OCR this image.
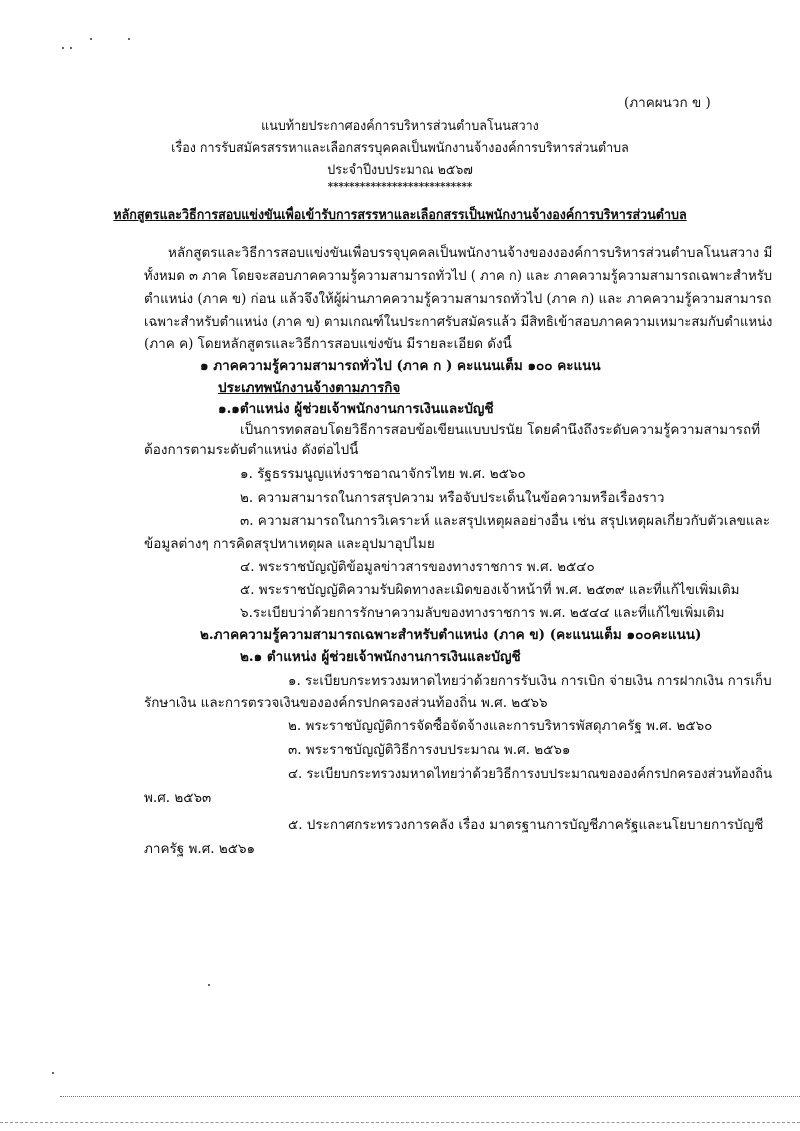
(ภาคผนวก ข )
แนบท้ายประกาศองค์การบริหารส่วนตำบลโนนสวาง
เรื่อง การรับสมัครสรรหาและเลือกสรรบุคคลเป็นพนักงานจ้างองค์การบริหารส่วนตำบล
ประจำปีงบประมาณ ๒๕๖๗
***************************
หลักสูตรและวิธีการสอบแข่งขันเพื่อเข้ารับการสรรหาและเลือกสรรเป็นพนักงานจ้างองค์การบริหารส่วนตำบล
หลักสูตรและวิธีการสอบแข่งขันเพื่อบรรจุบุคคลเป็นพนักงานจ้างของงองค์การบริหารส่วนตำบลโนนสวาง มี
ทั้งหมด ๓ ภาค โดยจะสอบภาคความรู้ความสามารถทั่วไป ( ภาค ก) และ ภาคความรู้ความสามารถเฉพาะสำหรับ
ตำแหน่ง (ภาค ข) ก่อน แล้วจึงให้ผู้ผ่านภาคความรู้ความสามารถทั่วไป (ภาค ก) และ ภาคความรู้ความสามารถ
เฉพาะสำหรับตำแหน่ง (ภาค ข) ตามเกณฑ์ในประกาศรับสมัครแล้ว มีสิทธิเข้าสอบภาคความเหมาะสมกับตำแหน่ง
(ภาค ค) โดยหลักสูตรและวิธีการสอบแข่งขัน มีรายละเอียด ดังนี้
๑ ภาคความรู้ความสามารถทั่วไป (ภาค ก ) คะแนนเต็ม ๑๐๐ คะแนน
ประเภทพนักงานจ้างตามภารกิจ
๑.๑ตำแหน่ง ผู้ช่วยเจ้าพนักงานการเงินและบัญชี
เป็นการทดสอบโดยวิธีการสอบข้อเขียนแบบปรนัย โดยคำนึงถึงระดับความรู้ความสามารถที่
ต้องการตามระดับตำแหน่ง ดังต่อไปนี้
๑. รัฐธรรมนูญแห่งราชอาณาจักรไทย พ.ศ. ๒๕๖๐
๒. ความสามารถในการสรุปความ หรือจับประเด็นในข้อความหรือเรื่องราว
๓. ความสามารถในการวิเคราะห์ และสรุปเหตุผลอย่างอื่น เช่น สรุปเหตุผลเกี่ยวกับตัวเลขและ
ข้อมูลต่างๆ การคิดสรุปหาเหตุผล และอุปมาอุปไมย
๔. พระราชบัญญัติข้อมูลข่าวสารของทางราชการ พ.ศ. ๒๕๔๐
๕. พระราชบัญญัติความรับผิดทางละเมิดของเจ้าหน้าที่ พ.ศ. ๒๕๓๙ และที่แก้ไขเพิ่มเติม
๖.ระเบียบว่าด้วยการรักษาความลับของทางราชการ พ.ศ. ๒๕๔๔ และที่แก้ไขเพิ่มเติม
๒.ภาคความรู้ความสามารถเฉพาะสำหรับตำแหน่ง (ภาค ข) (คะแนนเต็ม ๑๐๐คะแนน)
๒.๑ ตำแหน่ง ผู้ช่วยเจ้าพนักงานการเงินและบัญชี
๑. ระเบียบกระทรวงมหาดไทยว่าด้วยการรับเงิน การเบิก จ่ายเงิน การฝากเงิน การเก็บ
รักษาเงิน และการตรวจเงินขององค์กรปกครองส่วนท้องถิ่น พ.ศ. ๒๕๖๖
๒. พระราชบัญญัติการจัดซื้อจัดจ้างและการบริหารพัสดุภาครัฐ พ.ศ. ๒๕๖๐
๓. พระราชบัญญัติวิธีการงบประมาณ พ.ศ. ๒๕๖๑
๔. ระเบียบกระทรวงมหาดไทยว่าด้วยวิธีการงบประมาณขององค์กรปกครองส่วนท้องถิ่น
พ.ศ. ๒๕๖๓
๕. ประกาศกระทรวงการคลัง เรื่อง มาตรฐานการบัญชีภาครัฐและนโยบายการบัญชี
ภาครัฐ พ.ศ. ๒๕๖๑
